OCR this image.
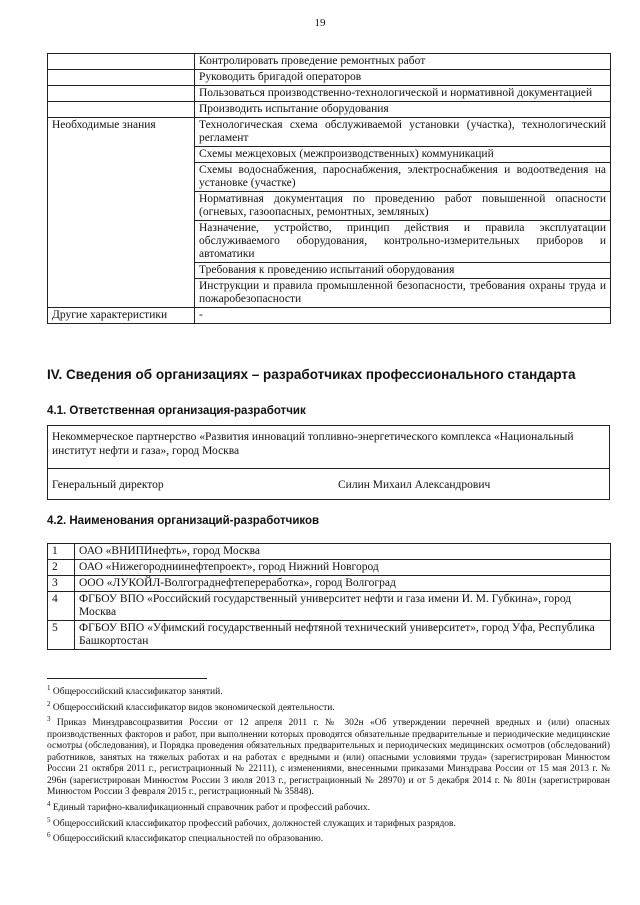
19
	Контролировать проведение ремонтных работ
	Руководить бригадой операторов
	Пользоваться производственно-технологической и нормативной документацией
	Производить испытание оборудования
Необходимые знания	Технологическая схема обслуживаемой установки (участка), технологический регламент
	Схемы межцеховых (межпроизводственных) коммуникаций
	Схемы водоснабжения, пароснабжения, электроснабжения и водоотведения на установке (участке)
	Нормативная документация по проведению работ повышенной опасности (огневых, газоопасных, ремонтных, земляных)
	Назначение, устройство, принцип действия и правила эксплуатации обслуживаемого оборудования, контрольно-измерительных приборов и автоматики
	Требования к проведению испытаний оборудования
	Инструкции и правила промышленной безопасности, требования охраны труда и пожаробезопасности
Другие характеристики	-
IV. Сведения об организациях – разработчиках профессионального стандарта
4.1. Ответственная организация-разработчик
Некоммерческое партнерство «Развития инноваций топливно-энергетического комплекса «Национальный институт нефти и газа», город Москва
Генеральный директор	Силин Михаил Александрович
4.2. Наименования организаций-разработчиков
1	ОАО «ВНИПИнефть», город Москва
2	ОАО «Нижегородниинефтепроект», город Нижний Новгород
3	ООО «ЛУКОЙЛ-Волгограднефтепереработка», город Волгоград
4	ФГБОУ ВПО «Российский государственный университет нефти и газа имени И. М. Губкина», город Москва
5	ФГБОУ ВПО «Уфимский государственный нефтяной технический университет», город Уфа, Республика Башкортостан

$^1$ Общероссийский классификатор занятий.

$^2$ Общероссийский классификатор видов экономической деятельности.

$^3$ Приказ Минздравсоцразвития России от 12 апреля 2011 г. № 302н «Об утверждении перечней вредных и (или) опасных производственных факторов и работ, при выполнении которых проводятся обязательные предварительные и периодические медицинские осмотры (обследования), и Порядка проведения обязательных предварительных и периодических медицинских осмотров (обследований) работников, занятых на тяжелых работах и на работах с вредными и (или) опасными условиями труда» (зарегистрирован Минюстом России 21 октября 2011 г., регистрационный № 22111), с изменениями, внесенными приказами Минздрава России от 15 мая 2013 г. № 296н (зарегистрирован Минюстом России 3 июля 2013 г., регистрационный № 28970) и от 5 декабря 2014 г. № 801н (зарегистрирован Минюстом России 3 февраля 2015 г., регистрационный № 35848).

$^4$ Единый тарифно-квалификационный справочник работ и профессий рабочих.

$^5$ Общероссийский классификатор профессий рабочих, должностей служащих и тарифных разрядов.

$^6$ Общероссийский классификатор специальностей по образованию.
